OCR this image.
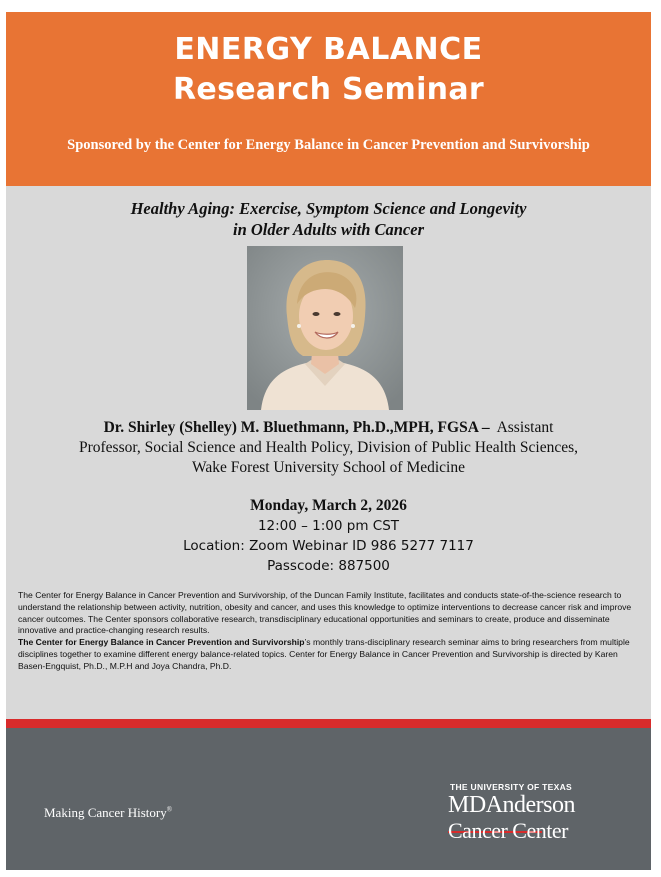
ENERGY BALANCE
Research Seminar
Sponsored by the Center for Energy Balance in Cancer Prevention and Survivorship
Healthy Aging: Exercise, Symptom Science and Longevity
in Older Adults with Cancer
Dr. Shirley (Shelley) M. Bluethmann, Ph.D.,MPH, FGSA – Assistant
Professor, Social Science and Health Policy, Division of Public Health Sciences,
Wake Forest University School of Medicine
Monday, March 2, 2026
12:00 – 1:00 pm CST
Location: Zoom Webinar ID 986 5277 7117
Passcode: 887500

The Center for Energy Balance in Cancer Prevention and Survivorship, of the Duncan Family Institute, facilitates and conducts state-of-the-science research to understand the relationship between activity, nutrition, obesity and cancer, and uses this knowledge to optimize interventions to decrease cancer risk and improve cancer outcomes. The Center sponsors collaborative research, transdisciplinary educational opportunities and seminars to create, produce and disseminate innovative and practice-changing research results.

The Center for Energy Balance in Cancer Prevention and Survivorship’s monthly trans-disciplinary research seminar aims to bring researchers from multiple disciplines together to examine different energy balance-related topics. Center for Energy Balance in Cancer Prevention and Survivorship is directed by Karen Basen-Engquist, Ph.D., M.P.H and Joya Chandra, Ph.D.

Making Cancer History®
THE UNIVERSITY OF TEXAS
MDAnderson
Cancer Center
